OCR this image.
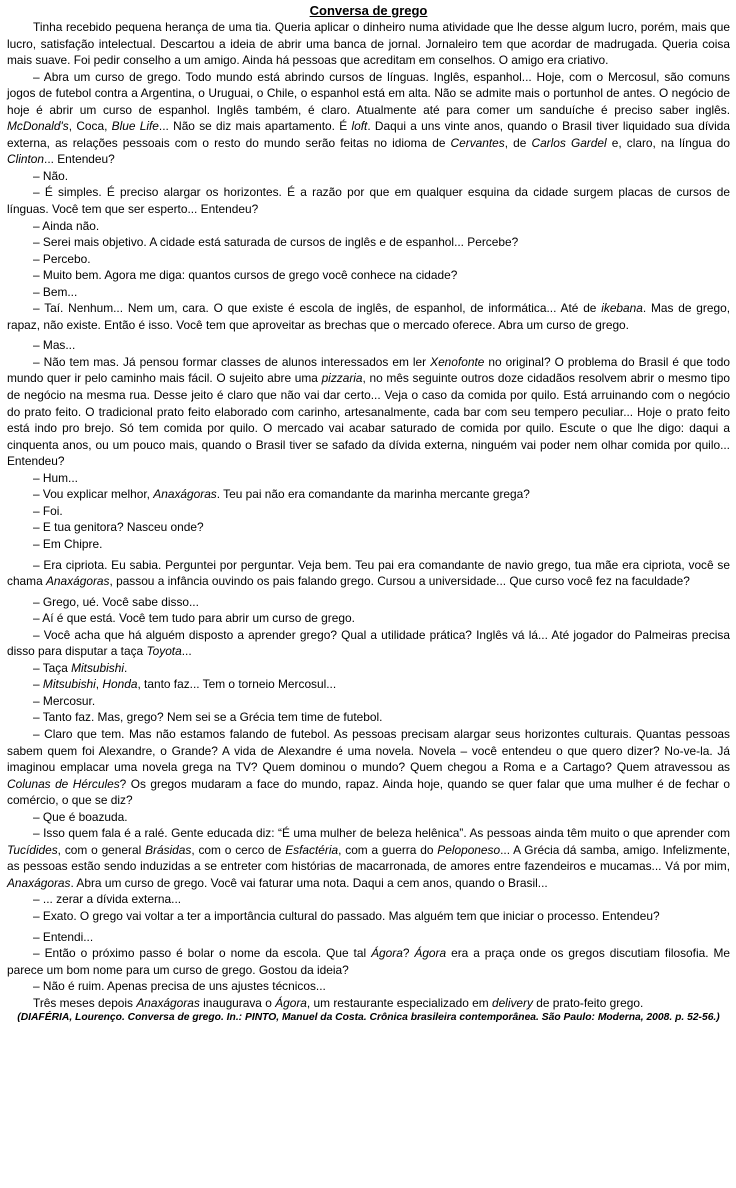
Conversa de grego

Tinha recebido pequena herança de uma tia. Queria aplicar o dinheiro numa atividade que lhe desse algum lucro, porém, mais que lucro, satisfação intelectual. Descartou a ideia de abrir uma banca de jornal. Jornaleiro tem que acordar de madrugada. Queria coisa mais suave. Foi pedir conselho a um amigo. Ainda há pessoas que acreditam em conselhos. O amigo era criativo.

– Abra um curso de grego. Todo mundo está abrindo cursos de línguas. Inglês, espanhol... Hoje, com o Mercosul, são comuns jogos de futebol contra a Argentina, o Uruguai, o Chile, o espanhol está em alta. Não se admite mais o portunhol de antes. O negócio de hoje é abrir um curso de espanhol. Inglês também, é claro. Atualmente até para comer um sanduíche é preciso saber inglês. McDonald's, Coca, Blue Life... Não se diz mais apartamento. É loft. Daqui a uns vinte anos, quando o Brasil tiver liquidado sua dívida externa, as relações pessoais com o resto do mundo serão feitas no idioma de Cervantes, de Carlos Gardel e, claro, na língua do Clinton... Entendeu?

– Não.

– É simples. É preciso alargar os horizontes. É a razão por que em qualquer esquina da cidade surgem placas de cursos de línguas. Você tem que ser esperto... Entendeu?

– Ainda não.

– Serei mais objetivo. A cidade está saturada de cursos de inglês e de espanhol... Percebe?

– Percebo.

– Muito bem. Agora me diga: quantos cursos de grego você conhece na cidade?

– Bem...

– Taí. Nenhum... Nem um, cara. O que existe é escola de inglês, de espanhol, de informática... Até de ikebana. Mas de grego, rapaz, não existe. Então é isso. Você tem que aproveitar as brechas que o mercado oferece. Abra um curso de grego.

– Mas...

– Não tem mas. Já pensou formar classes de alunos interessados em ler Xenofonte no original? O problema do Brasil é que todo mundo quer ir pelo caminho mais fácil. O sujeito abre uma pizzaria, no mês seguinte outros doze cidadãos resolvem abrir o mesmo tipo de negócio na mesma rua. Desse jeito é claro que não vai dar certo... Veja o caso da comida por quilo. Está arruinando com o negócio do prato feito. O tradicional prato feito elaborado com carinho, artesanalmente, cada bar com seu tempero peculiar... Hoje o prato feito está indo pro brejo. Só tem comida por quilo. O mercado vai acabar saturado de comida por quilo. Escute o que lhe digo: daqui a cinquenta anos, ou um pouco mais, quando o Brasil tiver se safado da dívida externa, ninguém vai poder nem olhar comida por quilo... Entendeu?

– Hum...

– Vou explicar melhor, Anaxágoras. Teu pai não era comandante da marinha mercante grega?

– Foi.

– E tua genitora? Nasceu onde?

– Em Chipre.

– Era cipriota. Eu sabia. Perguntei por perguntar. Veja bem. Teu pai era comandante de navio grego, tua mãe era cipriota, você se chama Anaxágoras, passou a infância ouvindo os pais falando grego. Cursou a universidade... Que curso você fez na faculdade?

– Grego, ué. Você sabe disso...

– Aí é que está. Você tem tudo para abrir um curso de grego.

– Você acha que há alguém disposto a aprender grego? Qual a utilidade prática? Inglês vá lá... Até jogador do Palmeiras precisa disso para disputar a taça Toyota...

– Taça Mitsubishi.

– Mitsubishi, Honda, tanto faz... Tem o torneio Mercosul...

– Mercosur.

– Tanto faz. Mas, grego? Nem sei se a Grécia tem time de futebol.

– Claro que tem. Mas não estamos falando de futebol. As pessoas precisam alargar seus horizontes culturais. Quantas pessoas sabem quem foi Alexandre, o Grande? A vida de Alexandre é uma novela. Novela – você entendeu o que quero dizer? No-ve-la. Já imaginou emplacar uma novela grega na TV? Quem dominou o mundo? Quem chegou a Roma e a Cartago? Quem atravessou as Colunas de Hércules? Os gregos mudaram a face do mundo, rapaz. Ainda hoje, quando se quer falar que uma mulher é de fechar o comércio, o que se diz?

– Que é boazuda.

– Isso quem fala é a ralé. Gente educada diz: “É uma mulher de beleza helênica”. As pessoas ainda têm muito o que aprender com Tucídides, com o general Brásidas, com o cerco de Esfactéria, com a guerra do Peloponeso... A Grécia dá samba, amigo. Infelizmente, as pessoas estão sendo induzidas a se entreter com histórias de macarronada, de amores entre fazendeiros e mucamas... Vá por mim, Anaxágoras. Abra um curso de grego. Você vai faturar uma nota. Daqui a cem anos, quando o Brasil...

– ... zerar a dívida externa...

– Exato. O grego vai voltar a ter a importância cultural do passado. Mas alguém tem que iniciar o processo. Entendeu?

– Entendi...

– Então o próximo passo é bolar o nome da escola. Que tal Ágora? Ágora era a praça onde os gregos discutiam filosofia. Me parece um bom nome para um curso de grego. Gostou da ideia?

– Não é ruim. Apenas precisa de uns ajustes técnicos...

Três meses depois Anaxágoras inaugurava o Ágora, um restaurante especializado em delivery de prato-feito grego.

(DIAFÉRIA, Lourenço. Conversa de grego. In.: PINTO, Manuel da Costa. Crônica brasileira contemporânea. São Paulo: Moderna, 2008. p. 52-56.)
